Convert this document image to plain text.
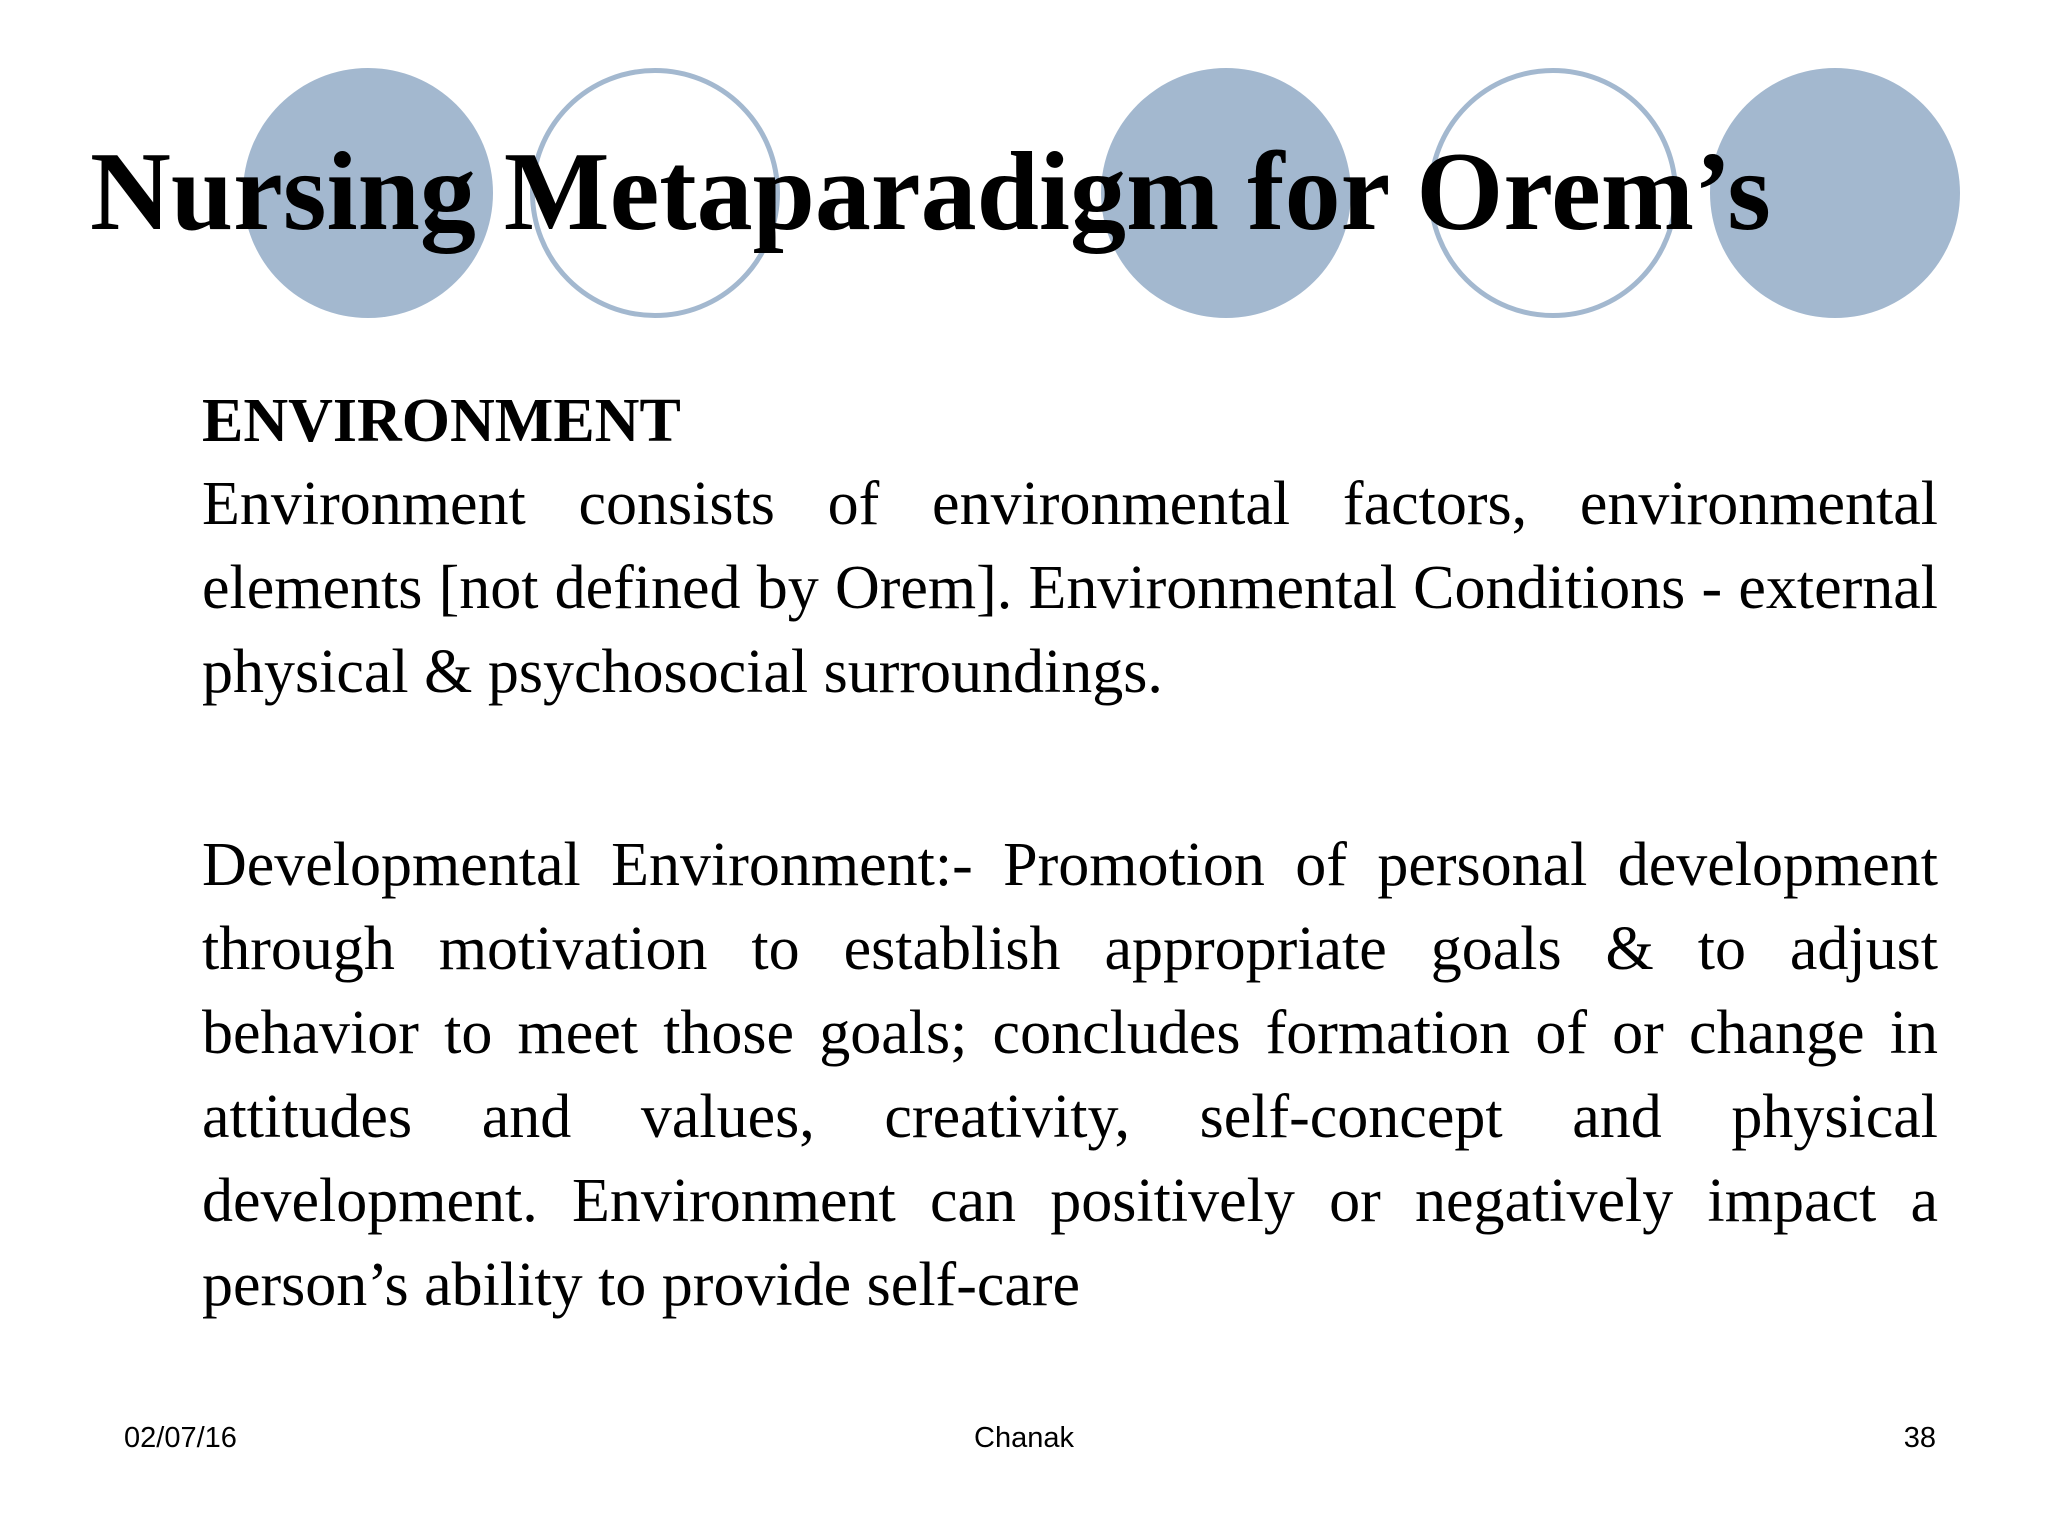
Nursing Metaparadigm for Orem’s
ENVIRONMENT

Environment consists of environmental factors, environmental elements [not defined by Orem]. Environmental Conditions - external physical & psychosocial surroundings.

Developmental Environment:- Promotion of personal development through motivation to establish appropriate goals & to adjust behavior to meet those goals; concludes formation of or change in attitudes and values, creativity, self-concept and physical development. Environment can positively or negatively impact a person’s ability to provide self-care

02/07/16	Chanak	38
